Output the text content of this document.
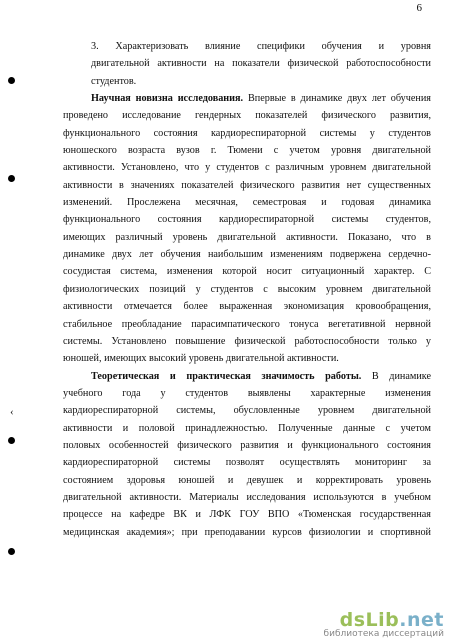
6
‹
3. Характеризовать влияние специфики обучения и уровня
двигательной активности на показатели физической работоспособности
студентов.
Научная новизна исследования. Впервые в динамике двух лет обучения
проведено исследование гендерных показателей физического развития,
функционального состояния кардиореспираторной системы у студентов
юношеского возраста вузов г. Тюмени с учетом уровня двигательной
активности. Установлено, что у студентов с различным уровнем двигательной
активности в значениях показателей физического развития нет существенных
изменений. Прослежена месячная, семестровая и годовая динамика
функционального состояния кардиореспираторной системы студентов,
имеющих различный уровень двигательной активности. Показано, что в
динамике двух лет обучения наибольшим изменениям подвержена сердечно-
сосудистая система, изменения которой носит ситуационный характер. С
физиологических позиций у студентов с высоким уровнем двигательной
активности отмечается более выраженная экономизация кровообращения,
стабильное преобладание парасимпатического тонуса вегетативной нервной
системы. Установлено повышение физической работоспособности только у
юношей, имеющих высокий уровень двигательной активности.
Теоретическая и практическая значимость работы. В динамике
учебного года у студентов выявлены характерные изменения
кардиореспираторной системы, обусловленные уровнем двигательной
активности и половой принадлежностью. Полученные данные с учетом
половых особенностей физического развития и функционального состояния
кардиореспираторной системы позволят осуществлять мониторинг за
состоянием здоровья юношей и девушек и корректировать уровень
двигательной активности. Материалы исследования используются в учебном
процессе на кафедре ВК и ЛФК ГОУ ВПО «Тюменская государственная
медицинская академия»; при преподавании курсов физиологии и спортивной
dsLib.net
библиотека диссертаций
